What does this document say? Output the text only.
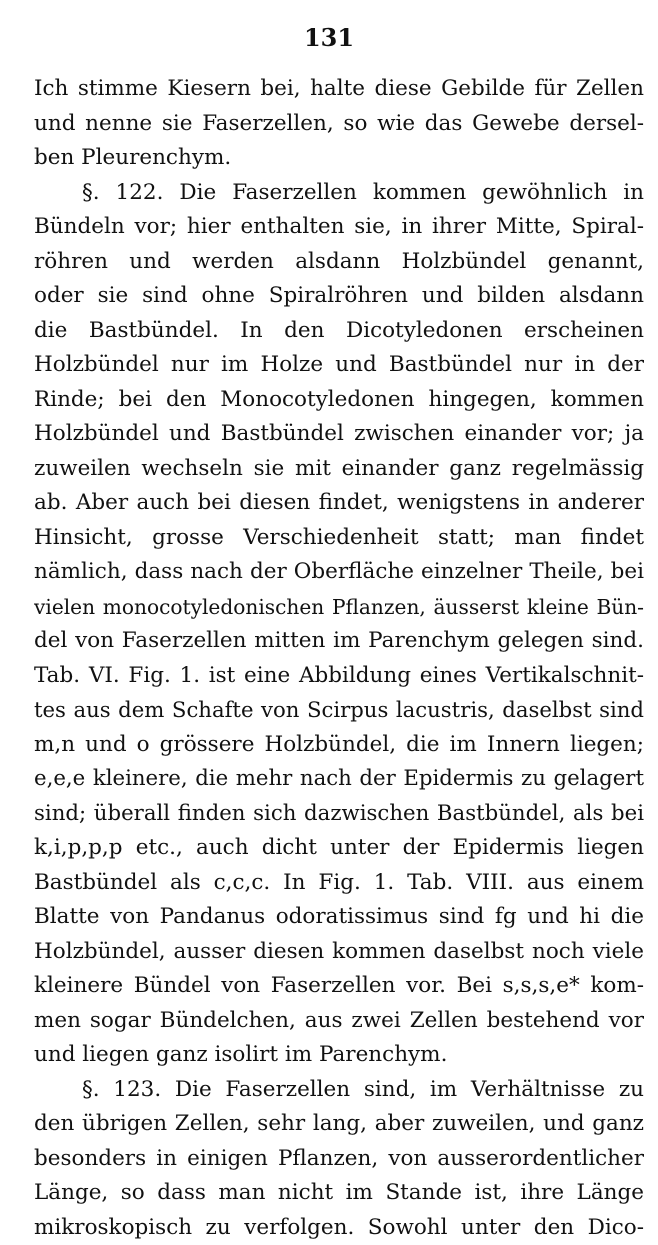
131
Ich stimme Kiesern bei, halte diese Gebilde für Zellen
und nenne sie Faserzellen, so wie das Gewebe dersel-
ben Pleurenchym.
§. 122. Die Faserzellen kommen gewöhnlich in
Bündeln vor; hier enthalten sie, in ihrer Mitte, Spiral-
röhren und werden alsdann Holzbündel genannt,
oder sie sind ohne Spiralröhren und bilden alsdann
die Bastbündel. In den Dicotyledonen erscheinen
Holzbündel nur im Holze und Bastbündel nur in der
Rinde; bei den Monocotyledonen hingegen, kommen
Holzbündel und Bastbündel zwischen einander vor; ja
zuweilen wechseln sie mit einander ganz regelmässig
ab. Aber auch bei diesen findet, wenigstens in anderer
Hinsicht, grosse Verschiedenheit statt; man findet
nämlich, dass nach der Oberfläche einzelner Theile, bei
vielen monocotyledonischen Pflanzen, äusserst kleine Bün-
del von Faserzellen mitten im Parenchym gelegen sind.
Tab. VI. Fig. 1. ist eine Abbildung eines Vertikalschnit-
tes aus dem Schafte von Scirpus lacustris, daselbst sind
m,n und o grössere Holzbündel, die im Innern liegen;
e,e,e kleinere, die mehr nach der Epidermis zu gelagert
sind; überall finden sich dazwischen Bastbündel, als bei
k,i,p,p,p etc., auch dicht unter der Epidermis liegen
Bastbündel als c,c,c. In Fig. 1. Tab. VIII. aus einem
Blatte von Pandanus odoratissimus sind fg und hi die
Holzbündel, ausser diesen kommen daselbst noch viele
kleinere Bündel von Faserzellen vor. Bei s,s,s,e* kom-
men sogar Bündelchen, aus zwei Zellen bestehend vor
und liegen ganz isolirt im Parenchym.
§. 123. Die Faserzellen sind, im Verhältnisse zu
den übrigen Zellen, sehr lang, aber zuweilen, und ganz
besonders in einigen Pflanzen, von ausserordentlicher
Länge, so dass man nicht im Stande ist, ihre Länge
mikroskopisch zu verfolgen. Sowohl unter den Dico-
